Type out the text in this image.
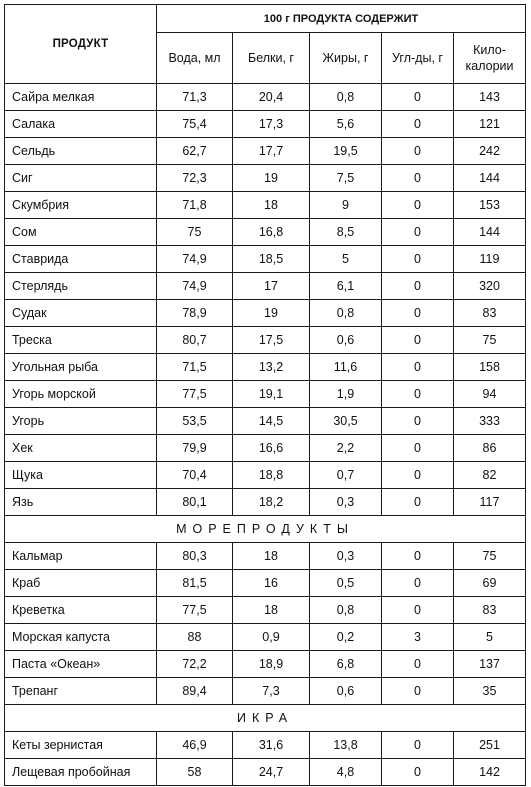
ПРОДУКТ	100 г ПРОДУКТА СОДЕРЖИТ				
	Вода, мл	Белки, г	Жиры, г	Угл-ды, г	Кило-калории
Сайра мелкая	71,3	20,4	0,8	0	143
Салака	75,4	17,3	5,6	0	121
Сельдь	62,7	17,7	19,5	0	242
Сиг	72,3	19	7,5	0	144
Скумбрия	71,8	18	9	0	153
Сом	75	16,8	8,5	0	144
Ставрида	74,9	18,5	5	0	119
Стерлядь	74,9	17	6,1	0	320
Судак	78,9	19	0,8	0	83
Треска	80,7	17,5	0,6	0	75
Угольная рыба	71,5	13,2	11,6	0	158
Угорь морской	77,5	19,1	1,9	0	94
Угорь	53,5	14,5	30,5	0	333
Хек	79,9	16,6	2,2	0	86
Щука	70,4	18,8	0,7	0	82
Язь	80,1	18,2	0,3	0	117
МОРЕПРОДУКТЫ					
Кальмар	80,3	18	0,3	0	75
Краб	81,5	16	0,5	0	69
Креветка	77,5	18	0,8	0	83
Морская капуста	88	0,9	0,2	3	5
Паста «Океан»	72,2	18,9	6,8	0	137
Трепанг	89,4	7,3	0,6	0	35
ИКРА					
Кеты зернистая	46,9	31,6	13,8	0	251
Лещевая пробойная	58	24,7	4,8	0	142
